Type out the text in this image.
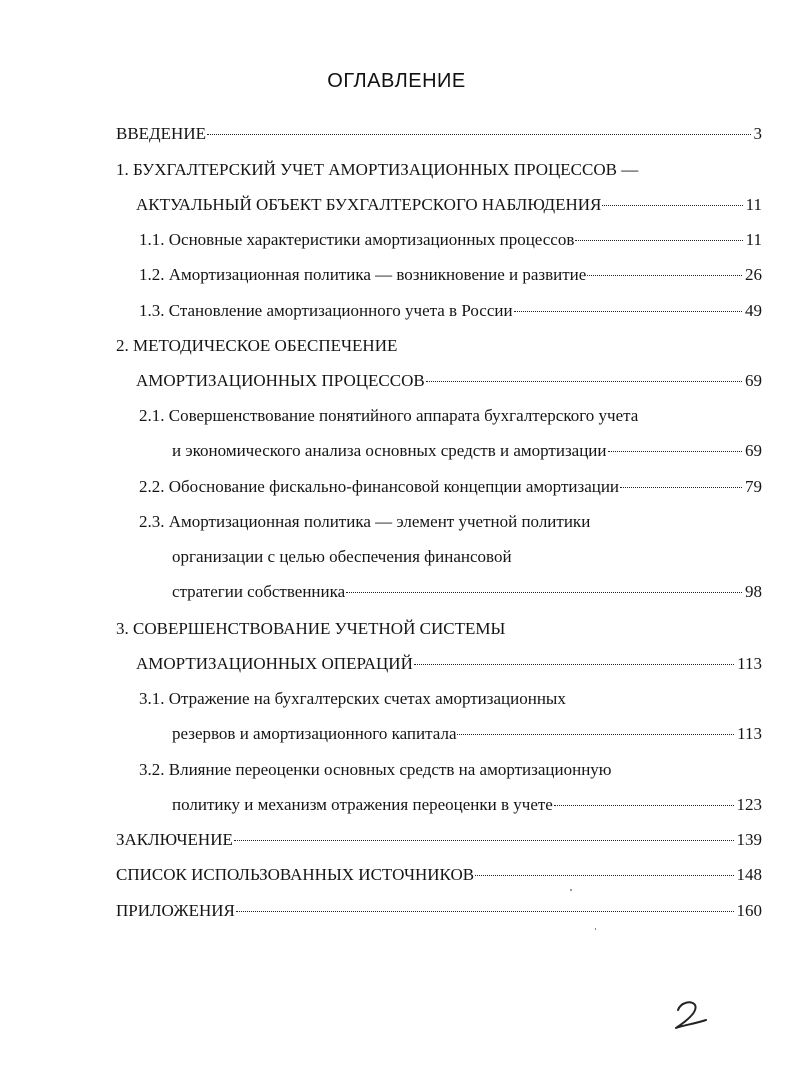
ОГЛАВЛЕНИЕ
ВВЕДЕНИЕ	3
1. БУХГАЛТЕРСКИЙ УЧЕТ АМОРТИЗАЦИОННЫХ ПРОЦЕССОВ —
АКТУАЛЬНЫЙ ОБЪЕКТ БУХГАЛТЕРСКОГО НАБЛЮДЕНИЯ	11
1.1. Основные характеристики амортизационных процессов	11
1.2. Амортизационная политика — возникновение и развитие	26
1.3. Становление амортизационного учета в России	49
2. МЕТОДИЧЕСКОЕ ОБЕСПЕЧЕНИЕ
АМОРТИЗАЦИОННЫХ ПРОЦЕССОВ	69
2.1. Совершенствование понятийного аппарата бухгалтерского учета
и экономического анализа основных средств и амортизации	69
2.2. Обоснование фискально-финансовой концепции амортизации	79
2.3. Амортизационная политика — элемент учетной политики
организации с целью обеспечения финансовой
стратегии собственника	98
3. СОВЕРШЕНСТВОВАНИЕ УЧЕТНОЙ СИСТЕМЫ
АМОРТИЗАЦИОННЫХ ОПЕРАЦИЙ	113
3.1. Отражение на бухгалтерских счетах амортизационных
резервов и амортизационного капитала	113
3.2. Влияние переоценки основных средств на амортизационную
политику и механизм отражения переоценки в учете	123
ЗАКЛЮЧЕНИЕ	139
СПИСОК ИСПОЛЬЗОВАННЫХ ИСТОЧНИКОВ	148
ПРИЛОЖЕНИЯ	160
